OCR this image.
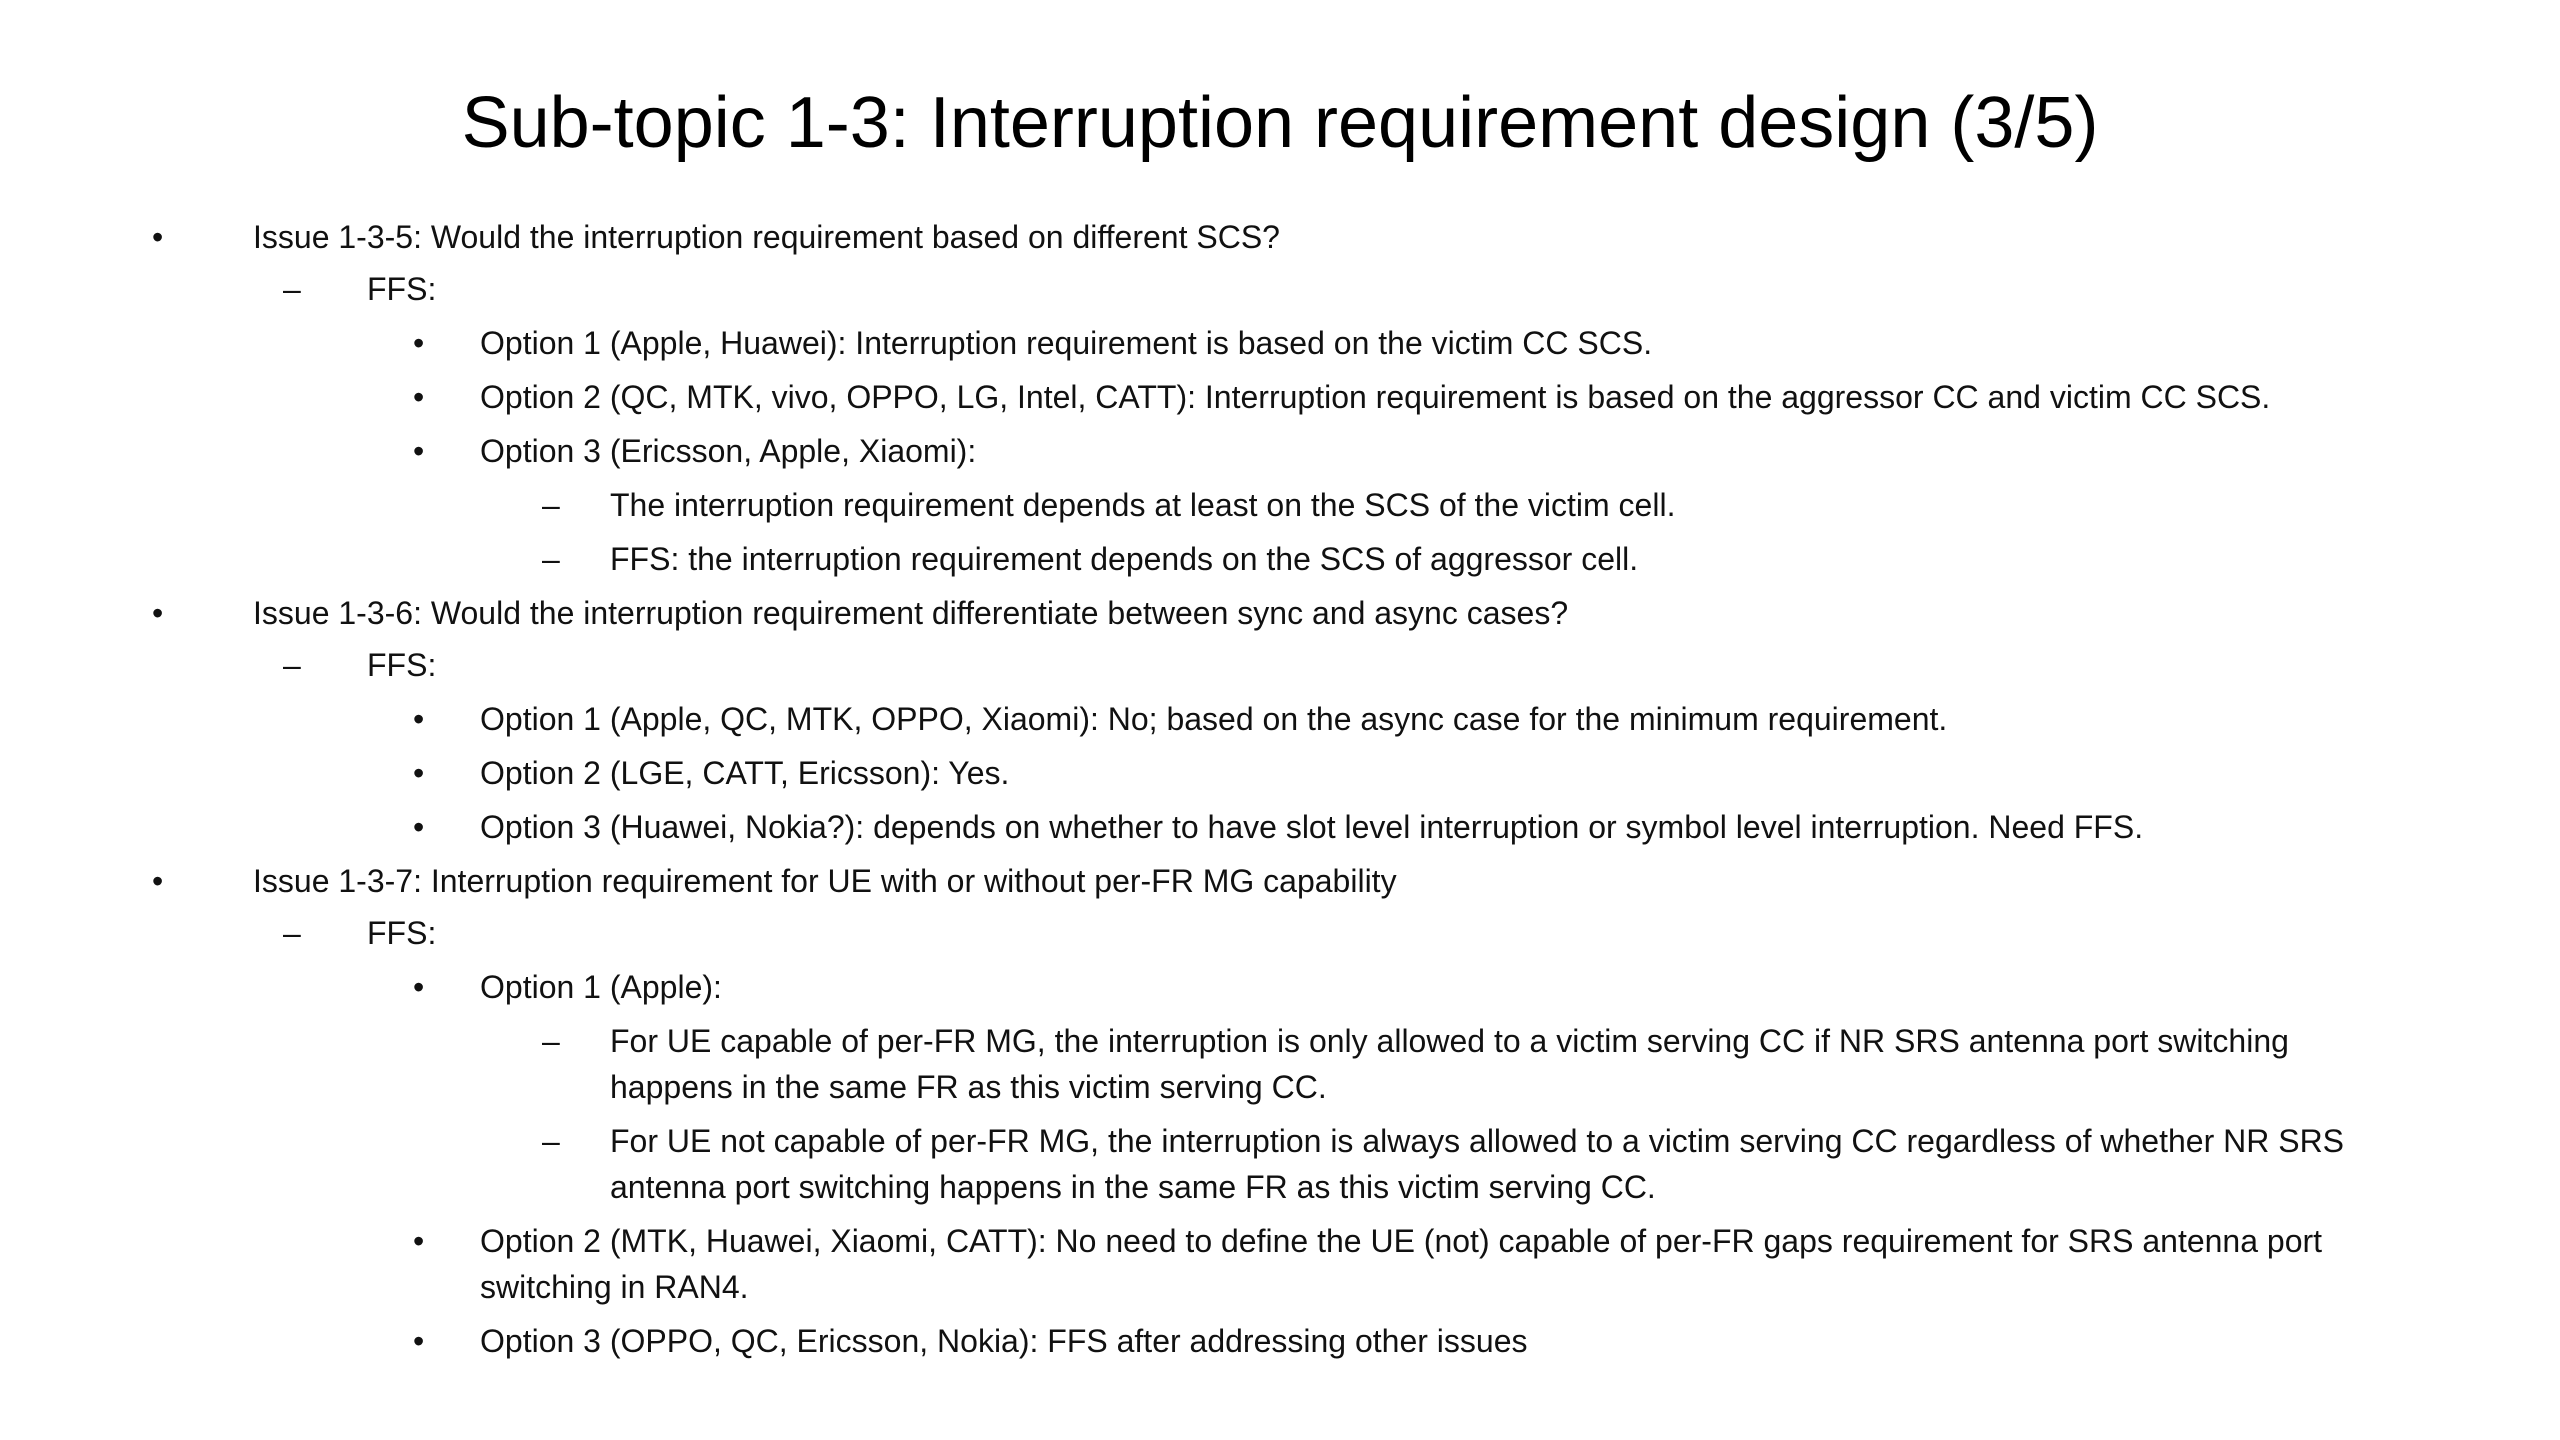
Sub-topic 1-3: Interruption requirement design (3/5)
•	Issue 1-3-5: Would the interruption requirement based on different SCS?
– FFS:
• Option 1 (Apple, Huawei): Interruption requirement is based on the victim CC SCS.
• Option 2 (QC, MTK, vivo, OPPO, LG, Intel, CATT): Interruption requirement is based on the aggressor CC and victim CC SCS.
• Option 3 (Ericsson, Apple, Xiaomi):
– The interruption requirement depends at least on the SCS of the victim cell.
– FFS: the interruption requirement depends on the SCS of aggressor cell.
•	Issue 1-3-6: Would the interruption requirement differentiate between sync and async cases?
– FFS:
• Option 1 (Apple, QC, MTK, OPPO, Xiaomi): No; based on the async case for the minimum requirement.
• Option 2 (LGE, CATT, Ericsson): Yes.
• Option 3 (Huawei, Nokia?): depends on whether to have slot level interruption or symbol level interruption. Need FFS.
•	Issue 1-3-7: Interruption requirement for UE with or without per-FR MG capability
– FFS:
• Option 1 (Apple):
– For UE capable of per-FR MG, the interruption is only allowed to a victim serving CC if NR SRS antenna port switching happens in the same FR as this victim serving CC.
– For UE not capable of per-FR MG, the interruption is always allowed to a victim serving CC regardless of whether NR SRS antenna port switching happens in the same FR as this victim serving CC.
• Option 2 (MTK, Huawei, Xiaomi, CATT): No need to define the UE (not) capable of per-FR gaps requirement for SRS antenna port switching in RAN4.
• Option 3 (OPPO, QC, Ericsson, Nokia): FFS after addressing other issues
